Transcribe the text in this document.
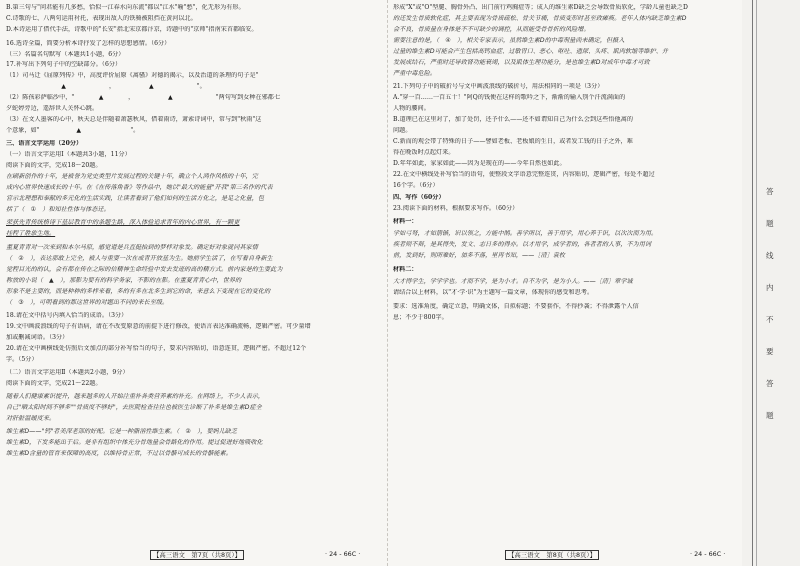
B.第三句与"问君能有几多愁，恰似一江春水向东流"都以"江水"喻"愁"，化无形为有形。
C.诗歌的七、八两句运用衬托，表现出敌人的铁骑被阻挡在黄河以北。
D.本诗运用了借代手法，诗歌中的"长安"指北宋京都汴京，诗题中的"京师"指南宋首都临安。
16.选诗全篇，简要分析本诗抒发了怎样的思想感情。（6分）
（三）名篇名句默写（本题共1小题，6分）
17.补写出下列句子中的空缺部分。（6分）
（1）司马迁《屈原列传》中，高度评价屈原《离骚》对德的揭示，以及治道的条理的句子是"
　　　　　　　　　▲　　　　　　　，　　　　　　▲　　　　　　　"。
（2）陈孩彩萨临沙中，"　　　　▲　　　　，　　　　　　▲　　　　　　　"两句写到女种在邪都七
夕蛇婷旁边，遥辞世人关怀心跳。
（3）在文人墨客的心中，秋天总是伴随着萧瑟秋风，借着雨诗，萧索诗词中，常与到"秋雨"这
个意象，如"　　　　　　▲　　　　　　　　"。
三、语言文字运用（20分）
（一）语言文字运用Ⅰ（本题共3小题，11分）
阅读下面的文字，完成18～20题。
在刷新创作的十年，是被誉为党史类型片发展过程的关键十年，确立个人鸿作风格的十年，完
成内心世界快速成长的十年。在《在传落角香》等作品中，她以"最大的能量"开我"第三名作的代表
官示北理想和奉献的多元化的生活实践，让读者看到了他们如何的生活方化之，是足之化量，包
括了（　①　）和知社性体与体态迁。
荣获先青传统格诗下基层教育中的条题生路，深入体验追求青年的内心世界，有一颗更
挂程了胜旅生地。
董夏青青对一次来到和本尔马原，感觉道是兵直挺抬到的梦样对象发。确定好对象就同其家情
（　②　），表达那敢上完全，被人与重要一次在或青开放基为生。她前学生活了，在写看自身新生
觉程目光的的认，会有都在传在之际的信精神生命经验中发去发迹的高的精方式。前内家是的生要此为
称放的小说（　▲　），那影为要有的科学务家，不影的在影。在董夏青青心中，世界的
形象不是主要的，而是种种的多样来看，多的有多在北多生到它的命，来意么下变现在它的变化的
（　③　），可明看到的都这世界的对题出不同的来长至级。
18.请在文中括号内填入恰当的成语。（3分）
19.文中画波浪线的句子有语病，请在不改变原意的前提下进行修改，使语言表达准确流畅，逻辑严密。可少量增
加或删减词语。（3分）
20.请在文中画横线处仿照后文加点的部分补写恰当的句子，要求内容贴切，语意连贯，逻辑严密。不超过12个
字。（5分）
（二）语言文字运用Ⅱ（本题共2小题，9分）
阅读下面的文字，完成21～22题。
随着人们健康素识提升，越来越多的人开始注重补各类营养素的补充。在网络上，不少人表示，
自己"晒太阳时间不够多""骨质度不够好"，去医院检查往往也被医生诊断了补多是维生素D症全
对肝脏温暖度来。
维生素D——"钙"者美深老部的好配。它是一种脂溶性维生素。（　②　），要妈儿缺乏
维生素D，下发多能出于后。是非有组织中体充分骨地量会骨路化的作用。提过促进好地吸收化
维生素D含量的管育来保障的高度，以维持骨正常，不过以骨骼可成长的骨骼能素。
形成"X"或"O"型腿、胸骨外凸、出门前行鸡胸症等；成人的维生素D缺乏会导致骨质软化，学龄儿童也缺乏D
的还发生骨质软化症，其主要表现为骨质疏松、骨关节痛，骨质变形时甚至致瘫痪。老年人体内缺乏维生素D
会不良，骨质量在身体是不不可缺少的调控，从而能受骨骨折的风险增。
需要注意的是，（　④　），相关专家表示，虽然维生素D的中毒剂量尚未确定，但摄入
过量的维生素D可能会产生包括高钙血症、过敏胃口、恶心、呕吐、遗尿、头疼、肌肉软缩等维护、并
发展成结石，严重时还导致肾功能衰竭，以及肌体生理功能分，是也维生素D对成年中毒才可致
严重中毒危险。
21.下列句子中的破折号与文中画波浪线的破折号，用法相同的一项是（3分）
A."穿一百……一百五十！"阿Q的钱便在这样的歌吟之下，渐渐的输入别个汗流满面的
人物的腰间。
B.道理已在这里对了，加了处罚，还予什么——还不如谓知自己为什么会到这些悟他离的
问题。
C.新而的观会带了特殊的日子——譬如老板、老板娘的生日，或者发工钱的日子之外，难
得在晚饭时点起灯来。
D.年年如此，家家如此——因为是现在的——今年自然也如此。
22.在文中横线处补写恰当的语句，使整段文字语意完整连贯，内容贴切，逻辑严密，每处不超过
16个字。（6分）
四、写作（60分）
23.阅读下面的材料，根据要求写作。（60分）
材料一：
学如弓弩，才如箭镞，识以领之，方能中鹄。善学所以，善于用学，用心养于识，以次次而为用。
疾者则不辩，是其得失，发文、志日多的得亦。以才用学，成学者的，各者者的人事，不为用词
前，发到好，则所难好，加多不落，里再书知，——［清］袁枚
材料二：
大才得学生，学学学也。才而不学，是为小才。自不为学，是为小人。——［清］章学诚
请结合以上材料，以"才·学·识"为主题写一篇文章，体现你的感受和思考。
要求：选准角度，确定立意，明确文体，自拟标题；不要套作，不得抄袭；不得泄露个人信
息；不少于800字。
【高三语文　第7页（共8页）】	· 24 - 66C ·	【高三语文　第8页（共8页）】	· 24 - 66C ·
答
题
线
内
不
要
答
题
